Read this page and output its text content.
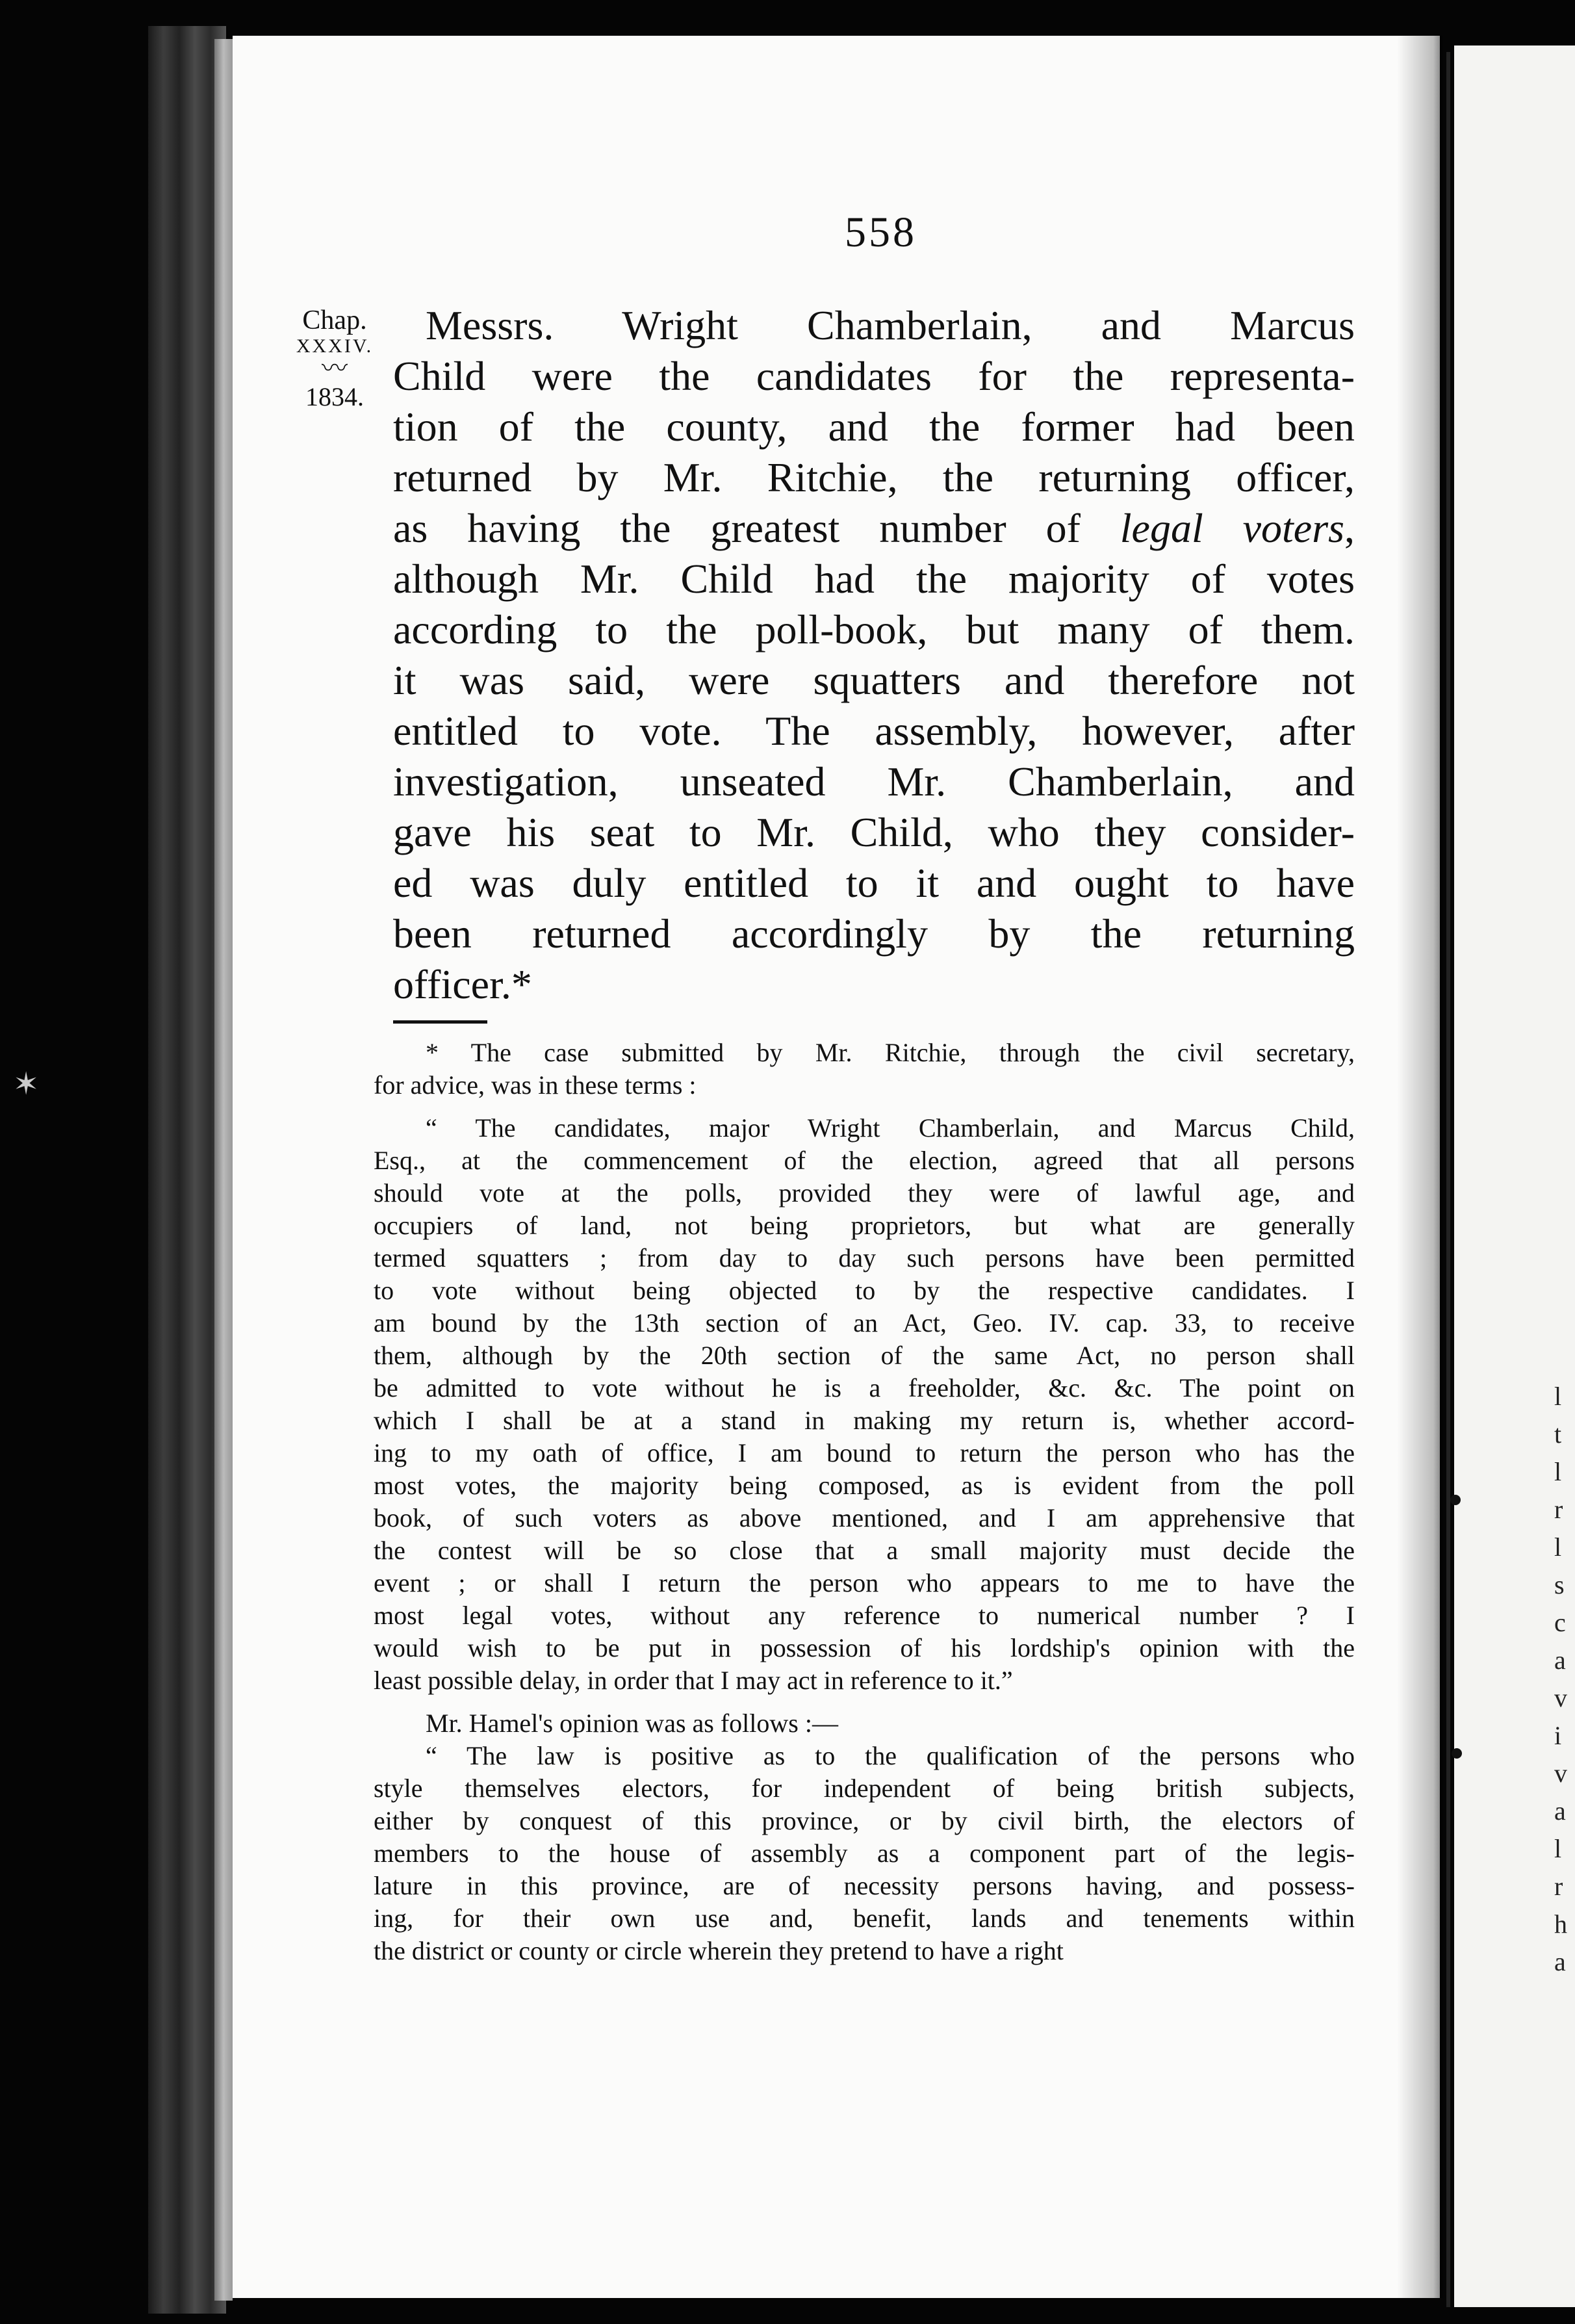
✶
l
t
l
r
l
s
c
a
v
i
v
a
l
r
h
a
558
Chap.
XXXIV.
〰
1834.
Messrs. Wright Chamberlain, and Marcus
Child were the candidates for the representa-
tion of the county, and the former had been
returned by Mr. Ritchie, the returning officer,
as having the greatest number of legal voters,
although Mr. Child had the majority of votes
according to the poll-book, but many of them.
it was said, were squatters and therefore not
entitled to vote. The assembly, however, after
investigation, unseated Mr. Chamberlain, and
gave his seat to Mr. Child, who they consider-
ed was duly entitled to it and ought to have
been returned accordingly by the returning
officer.*
* The case submitted by Mr. Ritchie, through the civil secretary,
for advice, was in these terms :
“ The candidates, major Wright Chamberlain, and Marcus Child,
Esq., at the commencement of the election, agreed that all persons
should vote at the polls, provided they were of lawful age, and
occupiers of land, not being proprietors, but what are generally
termed squatters ; from day to day such persons have been permitted
to vote without being objected to by the respective candidates. I
am bound by the 13th section of an Act, Geo. IV. cap. 33, to receive
them, although by the 20th section of the same Act, no person shall
be admitted to vote without he is a freeholder, &c. &c. The point on
which I shall be at a stand in making my return is, whether accord-
ing to my oath of office, I am bound to return the person who has the
most votes, the majority being composed, as is evident from the poll
book, of such voters as above mentioned, and I am apprehensive that
the contest will be so close that a small majority must decide the
event ; or shall I return the person who appears to me to have the
most legal votes, without any reference to numerical number ? I
would wish to be put in possession of his lordship's opinion with the
least possible delay, in order that I may act in reference to it.”
Mr. Hamel's opinion was as follows :—
“ The law is positive as to the qualification of the persons who
style themselves electors, for independent of being british subjects,
either by conquest of this province, or by civil birth, the electors of
members to the house of assembly as a component part of the legis-
lature in this province, are of necessity persons having, and possess-
ing, for their own use and, benefit, lands and tenements within
the district or county or circle wherein they pretend to have a right
